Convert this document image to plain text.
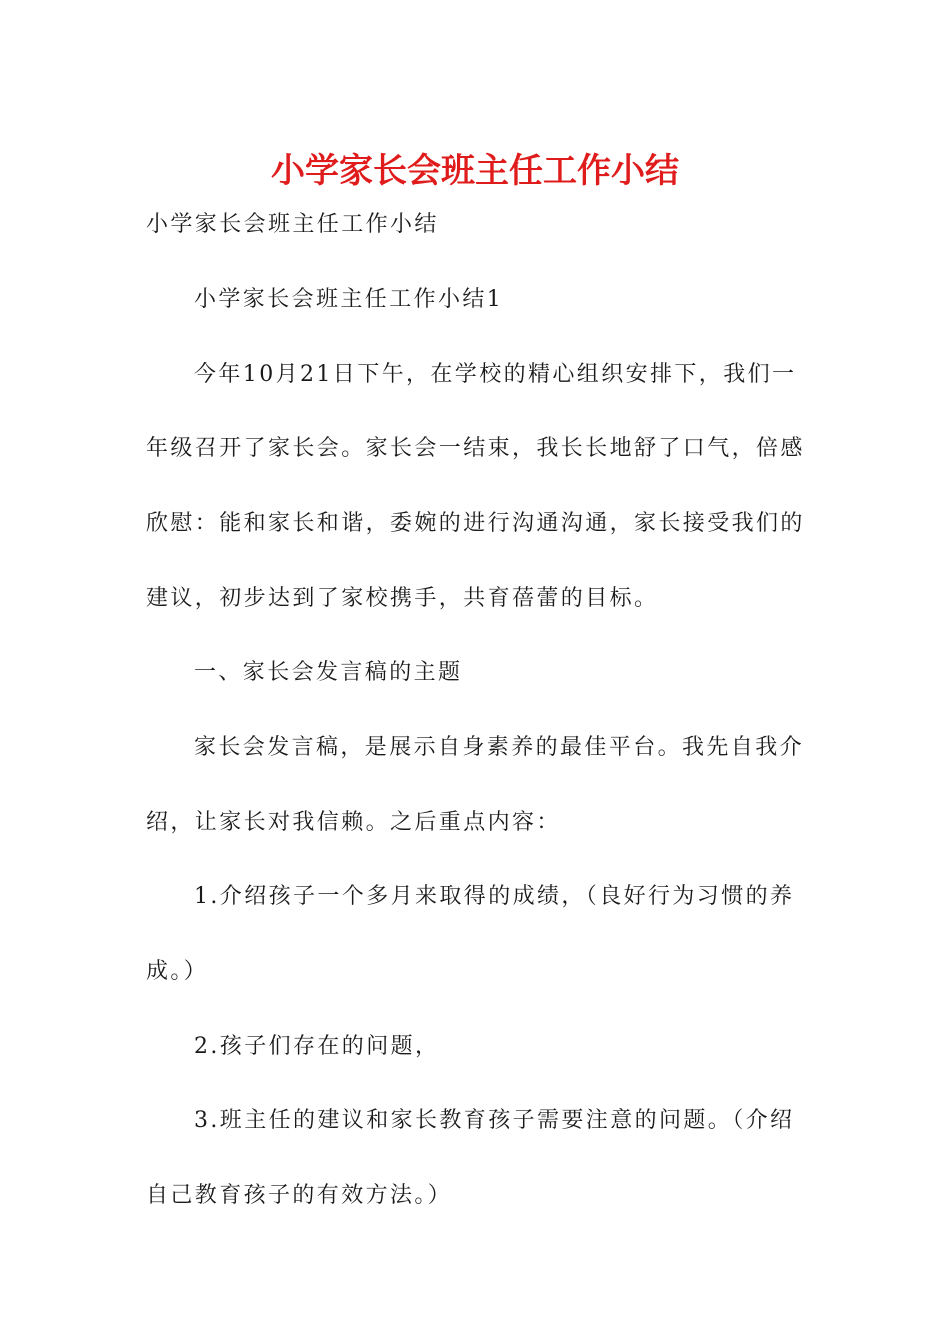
小学家长会班主任工作小结
小学家长会班主任工作小结
小学家长会班主任工作小结1
今年10月21日下午，在学校的精心组织安排下，我们一
年级召开了家长会。家长会一结束，我长长地舒了口气，倍感
欣慰：能和家长和谐，委婉的进行沟通沟通，家长接受我们的
建议，初步达到了家校携手，共育蓓蕾的目标。
一、家长会发言稿的主题
家长会发言稿，是展示自身素养的最佳平台。我先自我介
绍，让家长对我信赖。之后重点内容：
1.介绍孩子一个多月来取得的成绩，（良好行为习惯的养
成。）
2.孩子们存在的问题，
3.班主任的建议和家长教育孩子需要注意的问题。（介绍
自己教育孩子的有效方法。）
